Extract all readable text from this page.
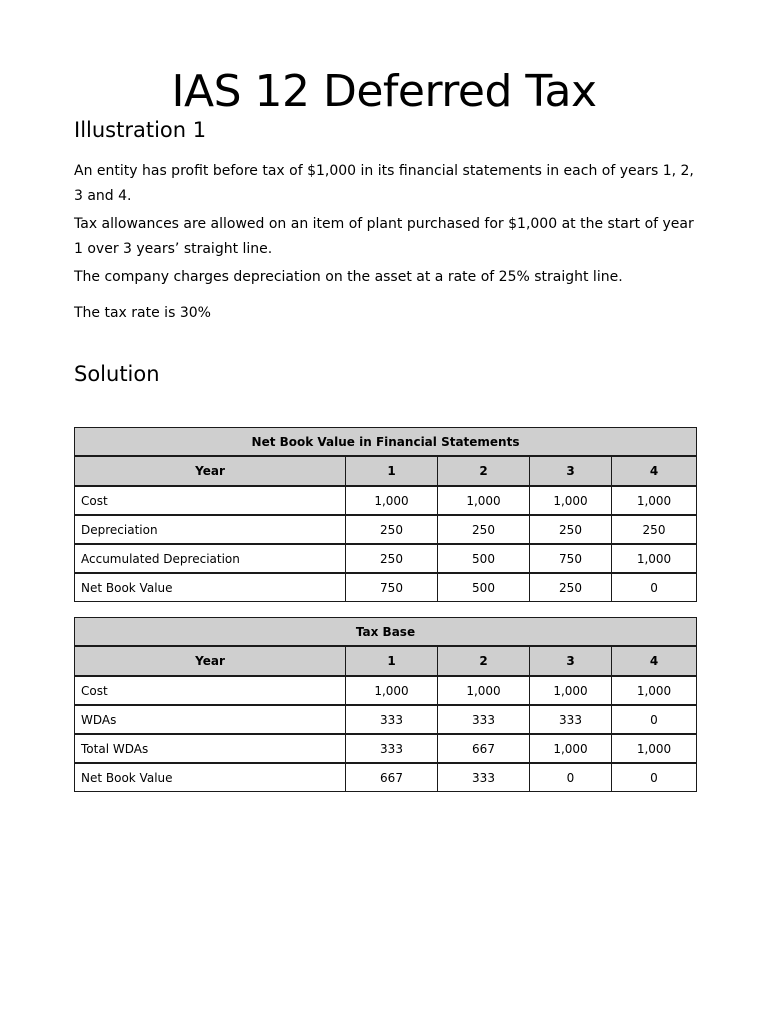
IAS 12 Deferred Tax
Illustration 1

An entity has profit before tax of $1,000 in its financial statements in each of years 1, 2, 3 and 4.

Tax allowances are allowed on an item of plant purchased for $1,000 at the start of year 1 over 3 years’ straight line.

The company charges depreciation on the asset at a rate of 25% straight line.

The tax rate is 30%

Solution
Net Book Value in Financial Statements				
Year	1	2	3	4
Cost	1,000	1,000	1,000	1,000
Depreciation	250	250	250	250
Accumulated Depreciation	250	500	750	1,000
Net Book Value	750	500	250	0
Tax Base				
Year	1	2	3	4
Cost	1,000	1,000	1,000	1,000
WDAs	333	333	333	0
Total WDAs	333	667	1,000	1,000
Net Book Value	667	333	0	0
